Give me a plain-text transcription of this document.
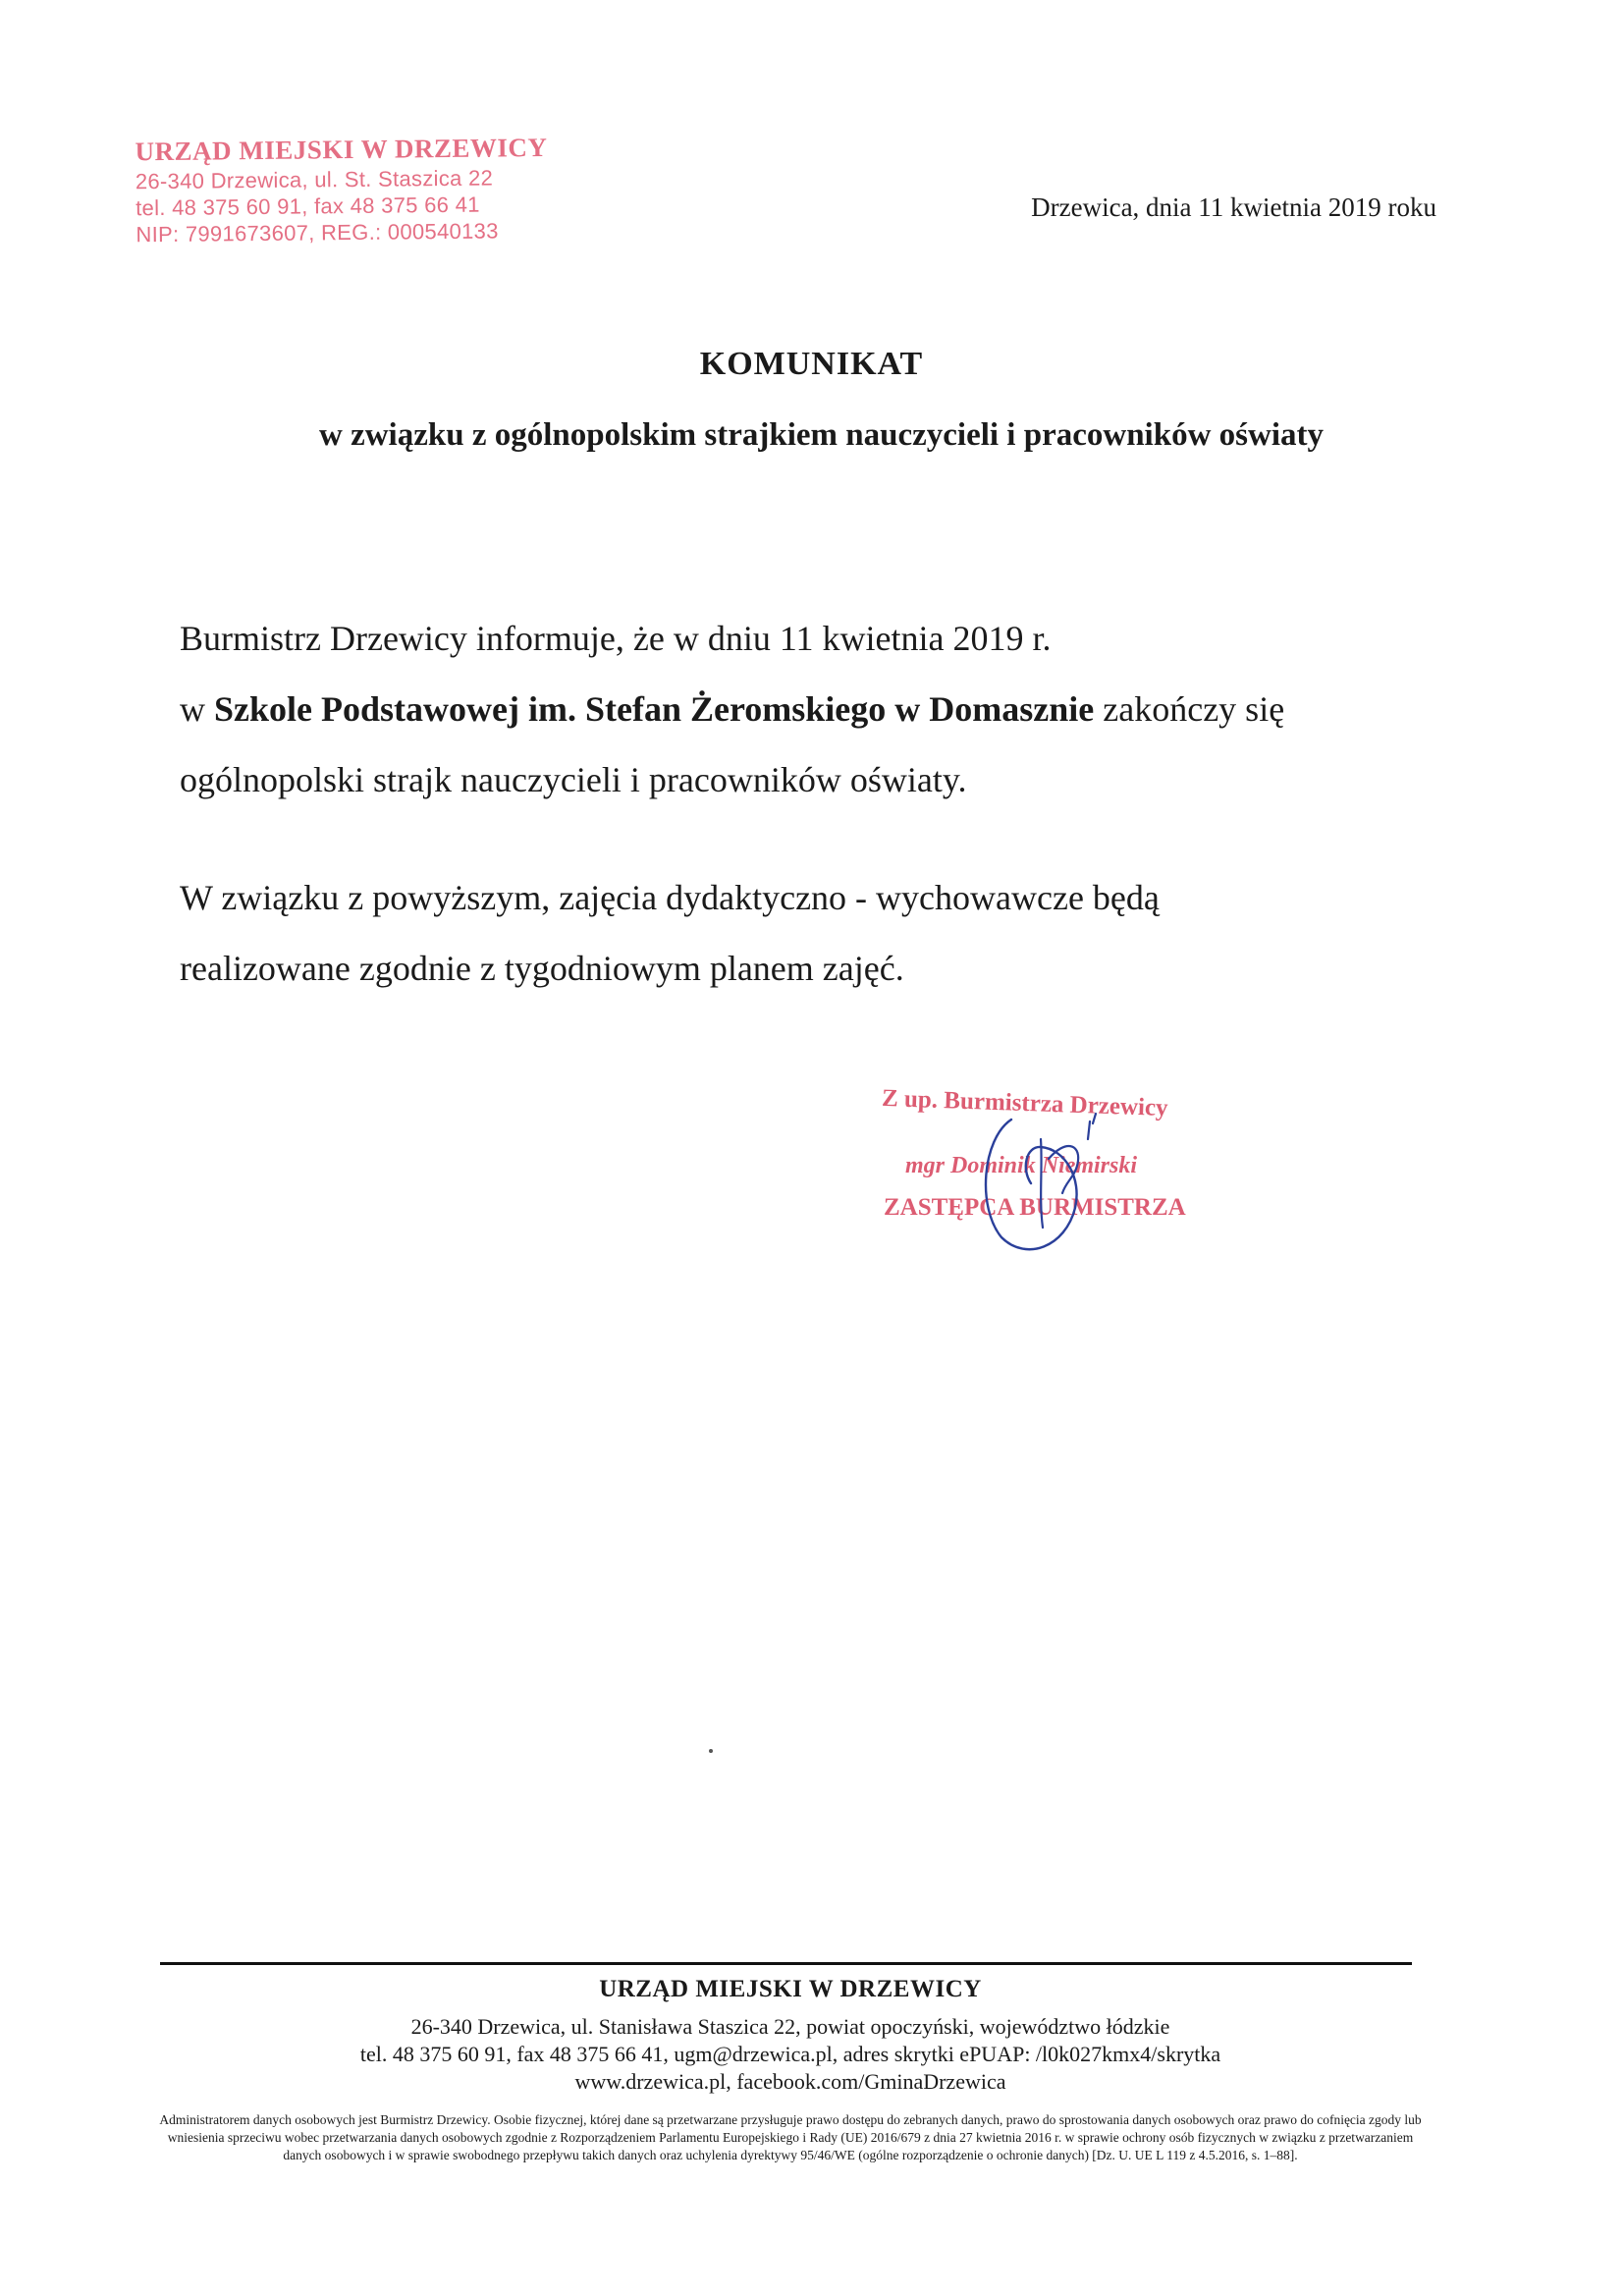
URZĄD MIEJSKI W DRZEWICY
26-340 Drzewica, ul. St. Staszica 22
tel. 48 375 60 91, fax 48 375 66 41
NIP: 7991673607, REG.: 000540133
Drzewica, dnia 11 kwietnia 2019 roku
KOMUNIKAT
w związku z ogólnopolskim strajkiem nauczycieli i pracowników oświaty
Burmistrz Drzewicy informuje, że w dniu 11 kwietnia 2019 r.
w Szkole Podstawowej im. Stefan Żeromskiego w Domasznie zakończy się
ogólnopolski strajk nauczycieli i pracowników oświaty.
W związku z powyższym, zajęcia dydaktyczno - wychowawcze będą
realizowane zgodnie z tygodniowym planem zajęć.
Z up. Burmistrza Drzewicy
mgr Dominik Niemirski
ZASTĘPCA BURMISTRZA
URZĄD MIEJSKI W DRZEWICY
26-340 Drzewica, ul. Stanisława Staszica 22, powiat opoczyński, województwo łódzkie
tel. 48 375 60 91, fax 48 375 66 41, ugm@drzewica.pl, adres skrytki ePUAP: /l0k027kmx4/skrytka
www.drzewica.pl, facebook.com/GminaDrzewica
Administratorem danych osobowych jest Burmistrz Drzewicy. Osobie fizycznej, której dane są przetwarzane przysługuje prawo dostępu do zebranych danych, prawo do sprostowania danych osobowych oraz prawo do cofnięcia zgody lub wniesienia sprzeciwu wobec przetwarzania danych osobowych zgodnie z Rozporządzeniem Parlamentu Europejskiego i Rady (UE) 2016/679 z dnia 27 kwietnia 2016 r. w sprawie ochrony osób fizycznych w związku z przetwarzaniem danych osobowych i w sprawie swobodnego przepływu takich danych oraz uchylenia dyrektywy 95/46/WE (ogólne rozporządzenie o ochronie danych) [Dz. U. UE L 119 z 4.5.2016, s. 1–88].
